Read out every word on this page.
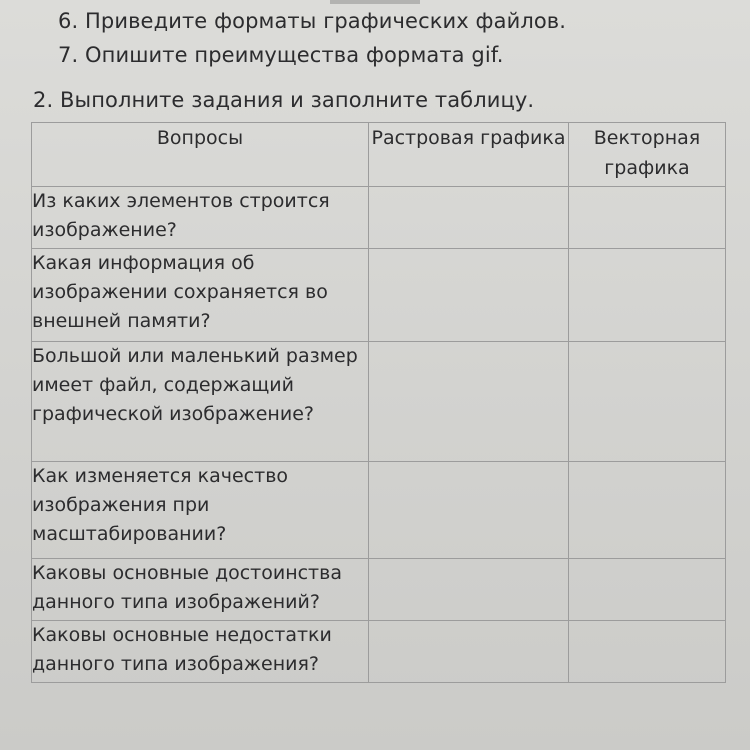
6. Приведите форматы графических файлов.
7. Опишите преимущества формата gif.
2. Выполните задания и заполните таблицу.
Вопросы	Растровая графика	Векторная графика
Из каких элементов строится изображение?		
Какая информация об изображении сохраняется во внешней памяти?		
Большой или маленький размер имеет файл, содержащий графической изображение?		
Как изменяется качество изображения при масштабировании?		
Каковы основные достоинства данного типа изображений?		
Каковы основные недостатки данного типа изображения?		
